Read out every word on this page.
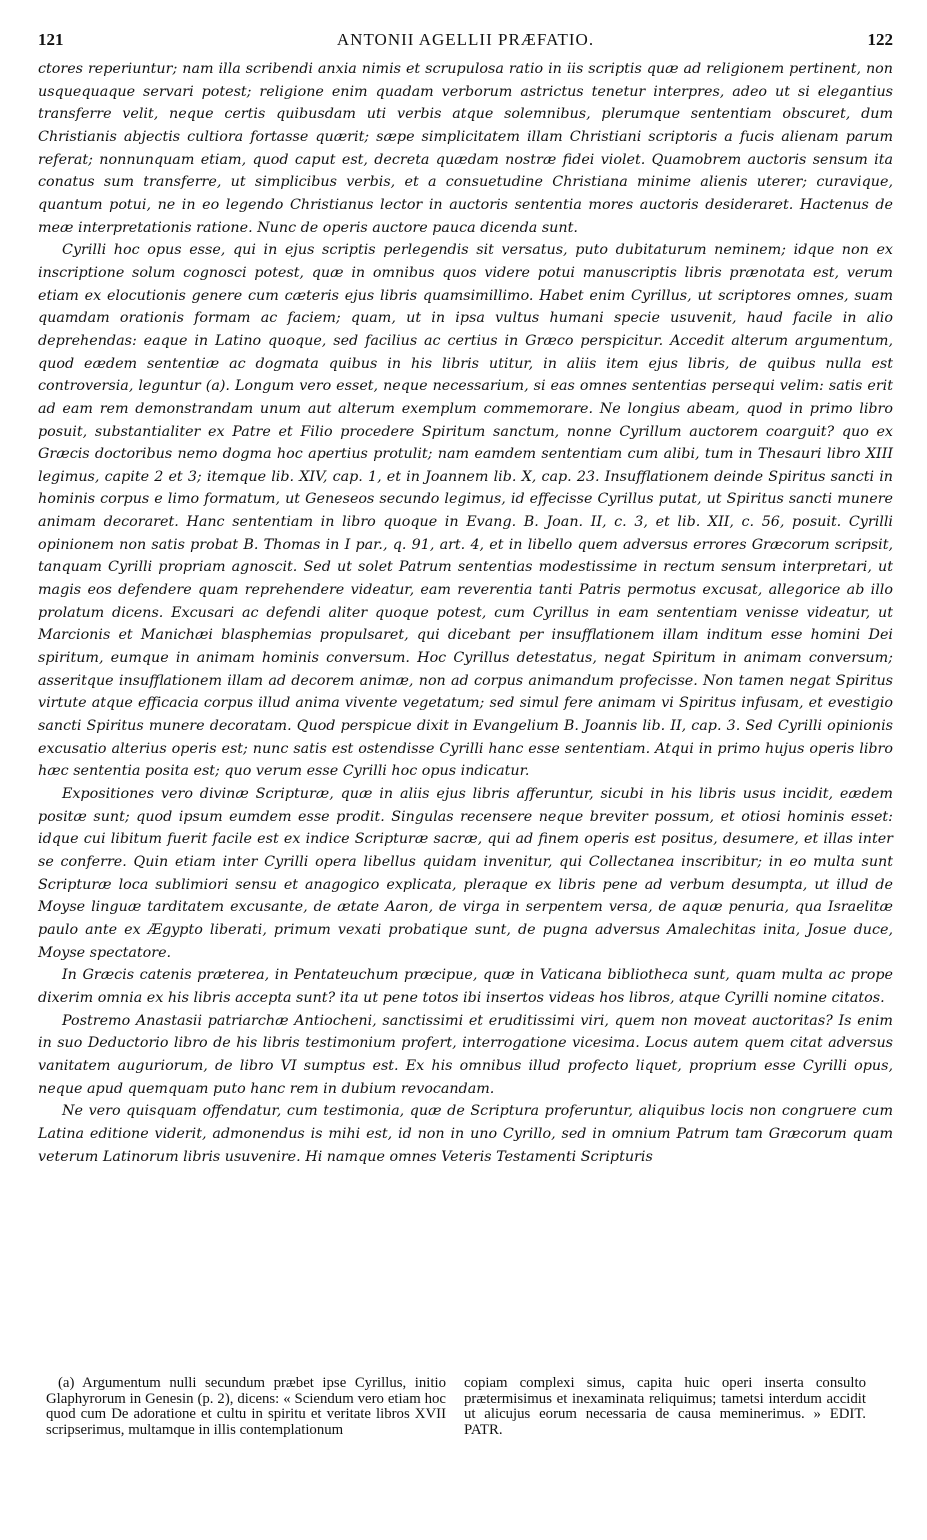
121	ANTONII AGELLII PRÆFATIO.	122

ctores reperiuntur; nam illa scribendi anxia nimis et scrupulosa ratio in iis scriptis quæ ad religionem pertinent, non usquequaque servari potest; religione enim quadam verborum astrictus tenetur interpres, adeo ut si elegantius transferre velit, neque certis quibusdam uti verbis atque solemnibus, plerumque sententiam obscuret, dum Christianis abjectis cultiora fortasse quærit; sæpe simplicitatem illam Christiani scriptoris a fucis alienam parum referat; nonnunquam etiam, quod caput est, decreta quædam nostræ fidei violet. Quamobrem auctoris sensum ita conatus sum transferre, ut simplicibus verbis, et a consuetudine Christiana minime alienis uterer; curavique, quantum potui, ne in eo legendo Christianus lector in auctoris sententia mores auctoris desideraret. Hactenus de meæ interpretationis ratione. Nunc de operis auctore pauca dicenda sunt.

Cyrilli hoc opus esse, qui in ejus scriptis perlegendis sit versatus, puto dubitaturum neminem; idque non ex inscriptione solum cognosci potest, quæ in omnibus quos videre potui manuscriptis libris prænotata est, verum etiam ex elocutionis genere cum cæteris ejus libris quamsimillimo. Habet enim Cyrillus, ut scriptores omnes, suam quamdam orationis formam ac faciem; quam, ut in ipsa vultus humani specie usuvenit, haud facile in alio deprehendas: eaque in Latino quoque, sed facilius ac certius in Græco perspicitur. Accedit alterum argumentum, quod eædem sententiæ ac dogmata quibus in his libris utitur, in aliis item ejus libris, de quibus nulla est controversia, leguntur (a). Longum vero esset, neque necessarium, si eas omnes sententias persequi velim: satis erit ad eam rem demonstrandam unum aut alterum exemplum commemorare. Ne longius abeam, quod in primo libro posuit, substantialiter ex Patre et Filio procedere Spiritum sanctum, nonne Cyrillum auctorem coarguit? quo ex Græcis doctoribus nemo dogma hoc apertius protulit; nam eamdem sententiam cum alibi, tum in Thesauri libro XIII legimus, capite 2 et 3; itemque lib. XIV, cap. 1, et in Joannem lib. X, cap. 23. Insufflationem deinde Spiritus sancti in hominis corpus e limo formatum, ut Geneseos secundo legimus, id effecisse Cyrillus putat, ut Spiritus sancti munere animam decoraret. Hanc sententiam in libro quoque in Evang. B. Joan. II, c. 3, et lib. XII, c. 56, posuit. Cyrilli opinionem non satis probat B. Thomas in I par., q. 91, art. 4, et in libello quem adversus errores Græcorum scripsit, tanquam Cyrilli propriam agnoscit. Sed ut solet Patrum sententias modestissime in rectum sensum interpretari, ut magis eos defendere quam reprehendere videatur, eam reverentia tanti Patris permotus excusat, allegorice ab illo prolatum dicens. Excusari ac defendi aliter quoque potest, cum Cyrillus in eam sententiam venisse videatur, ut Marcionis et Manichæi blasphemias propulsaret, qui dicebant per insufflationem illam inditum esse homini Dei spiritum, eumque in animam hominis conversum. Hoc Cyrillus detestatus, negat Spiritum in animam conversum; asseritque insufflationem illam ad decorem animæ, non ad corpus animandum profecisse. Non tamen negat Spiritus virtute atque efficacia corpus illud anima vivente vegetatum; sed simul fere animam vi Spiritus infusam, et evestigio sancti Spiritus munere decoratam. Quod perspicue dixit in Evangelium B. Joannis lib. II, cap. 3. Sed Cyrilli opinionis excusatio alterius operis est; nunc satis est ostendisse Cyrilli hanc esse sententiam. Atqui in primo hujus operis libro hæc sententia posita est; quo verum esse Cyrilli hoc opus indicatur.

Expositiones vero divinæ Scripturæ, quæ in aliis ejus libris afferuntur, sicubi in his libris usus incidit, eædem positæ sunt; quod ipsum eumdem esse prodit. Singulas recensere neque breviter possum, et otiosi hominis esset: idque cui libitum fuerit facile est ex indice Scripturæ sacræ, qui ad finem operis est positus, desumere, et illas inter se conferre. Quin etiam inter Cyrilli opera libellus quidam invenitur, qui Collectanea inscribitur; in eo multa sunt Scripturæ loca sublimiori sensu et anagogico explicata, pleraque ex libris pene ad verbum desumpta, ut illud de Moyse linguæ tarditatem excusante, de ætate Aaron, de virga in serpentem versa, de aquæ penuria, qua Israelitæ paulo ante ex Ægypto liberati, primum vexati probatique sunt, de pugna adversus Amalechitas inita, Josue duce, Moyse spectatore.

In Græcis catenis præterea, in Pentateuchum præcipue, quæ in Vaticana bibliotheca sunt, quam multa ac prope dixerim omnia ex his libris accepta sunt? ita ut pene totos ibi insertos videas hos libros, atque Cyrilli nomine citatos.

Postremo Anastasii patriarchæ Antiocheni, sanctissimi et eruditissimi viri, quem non moveat auctoritas? Is enim in suo Deductorio libro de his libris testimonium profert, interrogatione vicesima. Locus autem quem citat adversus vanitatem auguriorum, de libro VI sumptus est. Ex his omnibus illud profecto liquet, proprium esse Cyrilli opus, neque apud quemquam puto hanc rem in dubium revocandam.

Ne vero quisquam offendatur, cum testimonia, quæ de Scriptura proferuntur, aliquibus locis non congruere cum Latina editione viderit, admonendus is mihi est, id non in uno Cyrillo, sed in omnium Patrum tam Græcorum quam veterum Latinorum libris usuvenire. Hi namque omnes Veteris Testamenti Scripturis

(a) Argumentum nulli secundum præbet ipse Cyrillus, initio Glaphyrorum in Genesin (p. 2), dicens: « Sciendum vero etiam hoc quod cum De adoratione et cultu in spiritu et veritate libros XVII scripserimus, multamque in illis contemplationum
copiam complexi simus, capita huic operi inserta consulto prætermisimus et inexaminata reliquimus; tametsi interdum accidit ut alicujus eorum necessaria de causa meminerimus. » EDIT. PATR.
